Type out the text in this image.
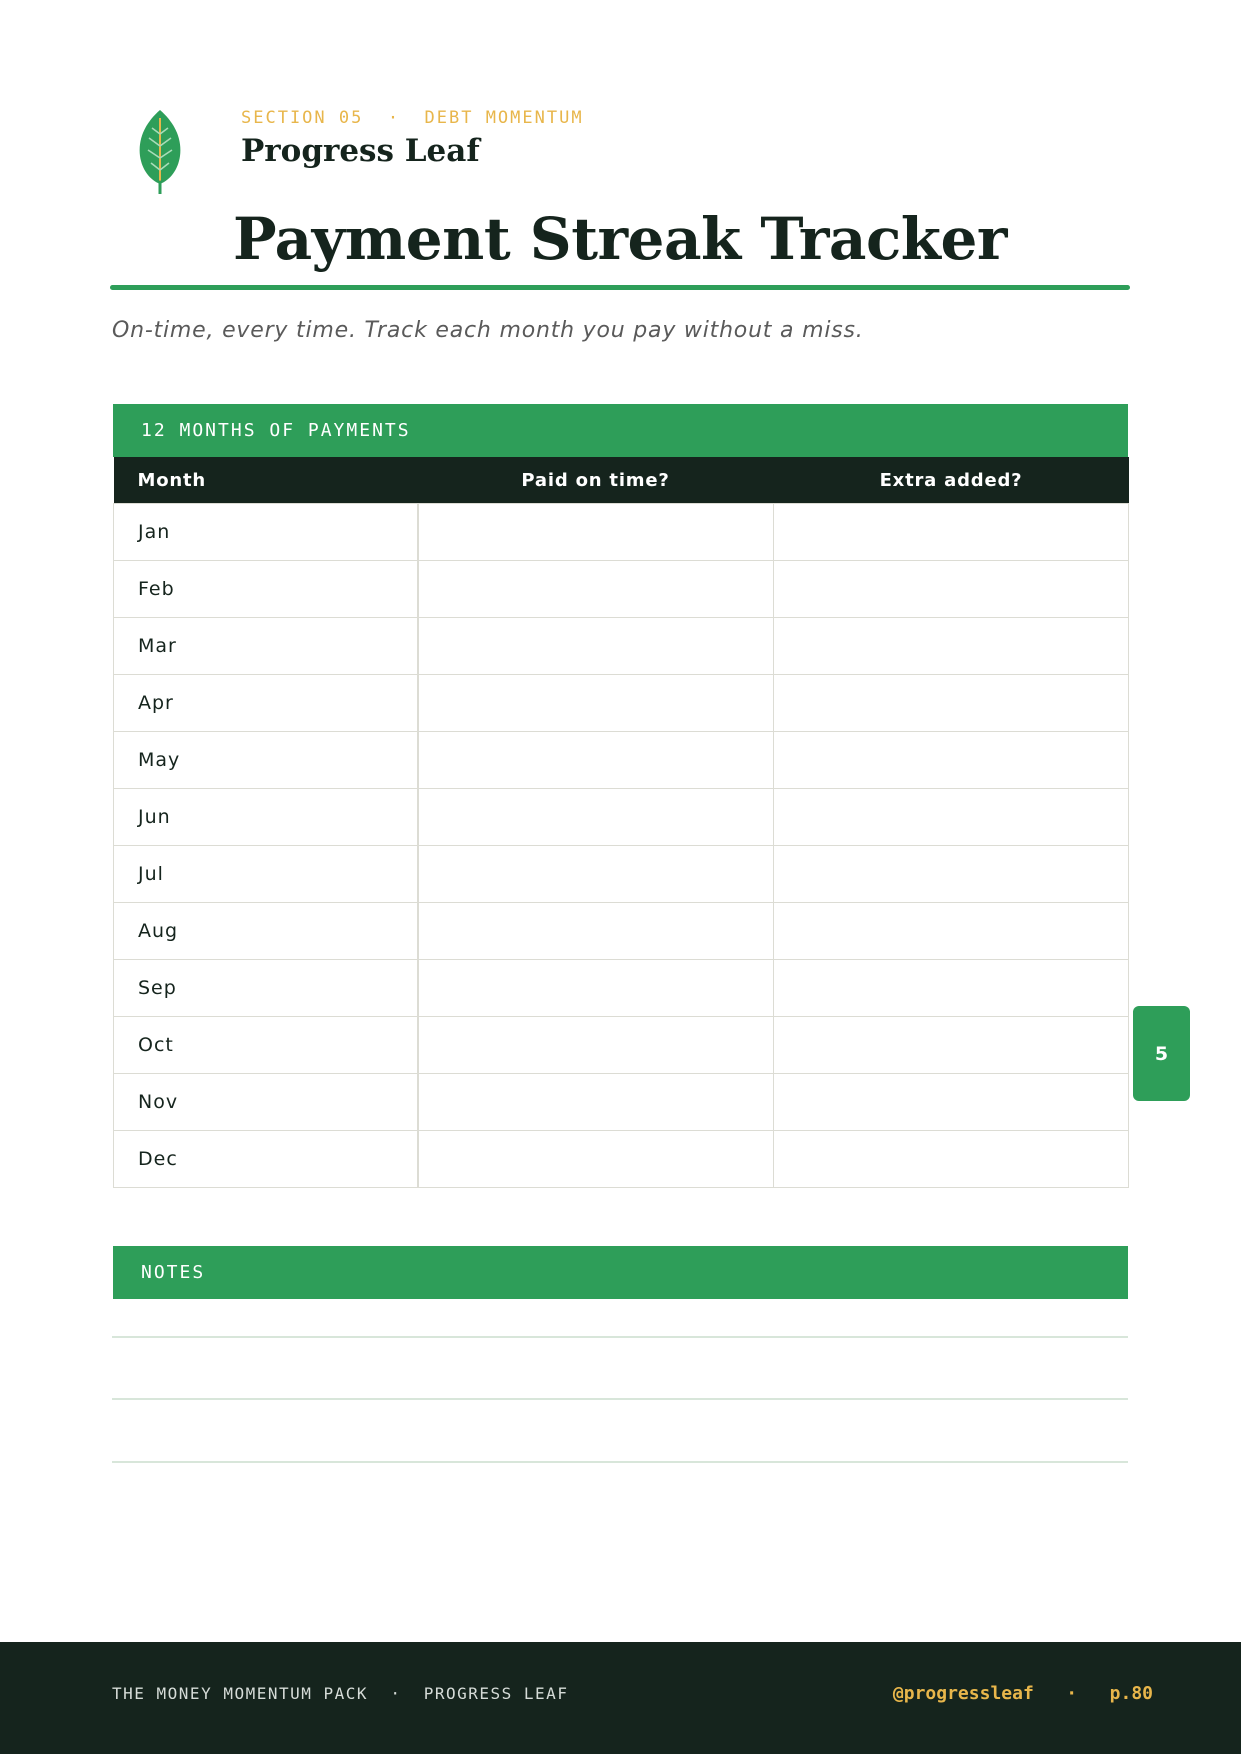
SECTION 05  ·  DEBT MOMENTUM
Progress Leaf
Payment Streak Tracker
On-time, every time. Track each month you pay without a miss.
12 MONTHS OF PAYMENTS
Month	Paid on time?	Extra added?
Jan		
Feb		
Mar		
Apr		
May		
Jun		
Jul		
Aug		
Sep		
Oct		
Nov		
Dec		
NOTES
5
THE MONEY MOMENTUM PACK  ·  PROGRESS LEAF	@progressleaf   ·   p.80
